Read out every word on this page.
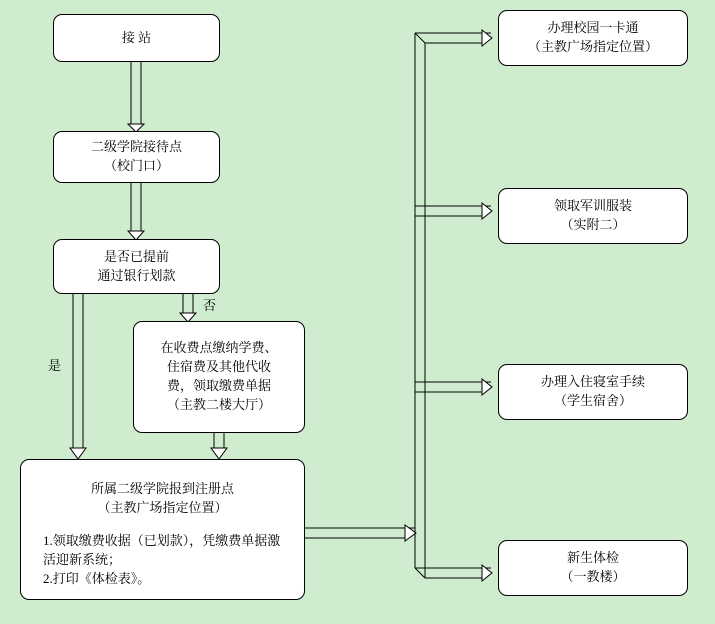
接 站
二级学院接待点
（校门口）
是否已提前
通过银行划款
在收费点缴纳学费、
住宿费及其他代收
费，领取缴费单据
（主教二楼大厅）
所属二级学院报到注册点
（主教广场指定位置）
1.领取缴费收据（已划款），凭缴费单据激活迎新系统；
2.打印《体检表》。
办理校园一卡通
（主教广场指定位置）
领取军训服装
（实附二）
办理入住寝室手续
（学生宿舍）
新生体检
（一教楼）
否
是
